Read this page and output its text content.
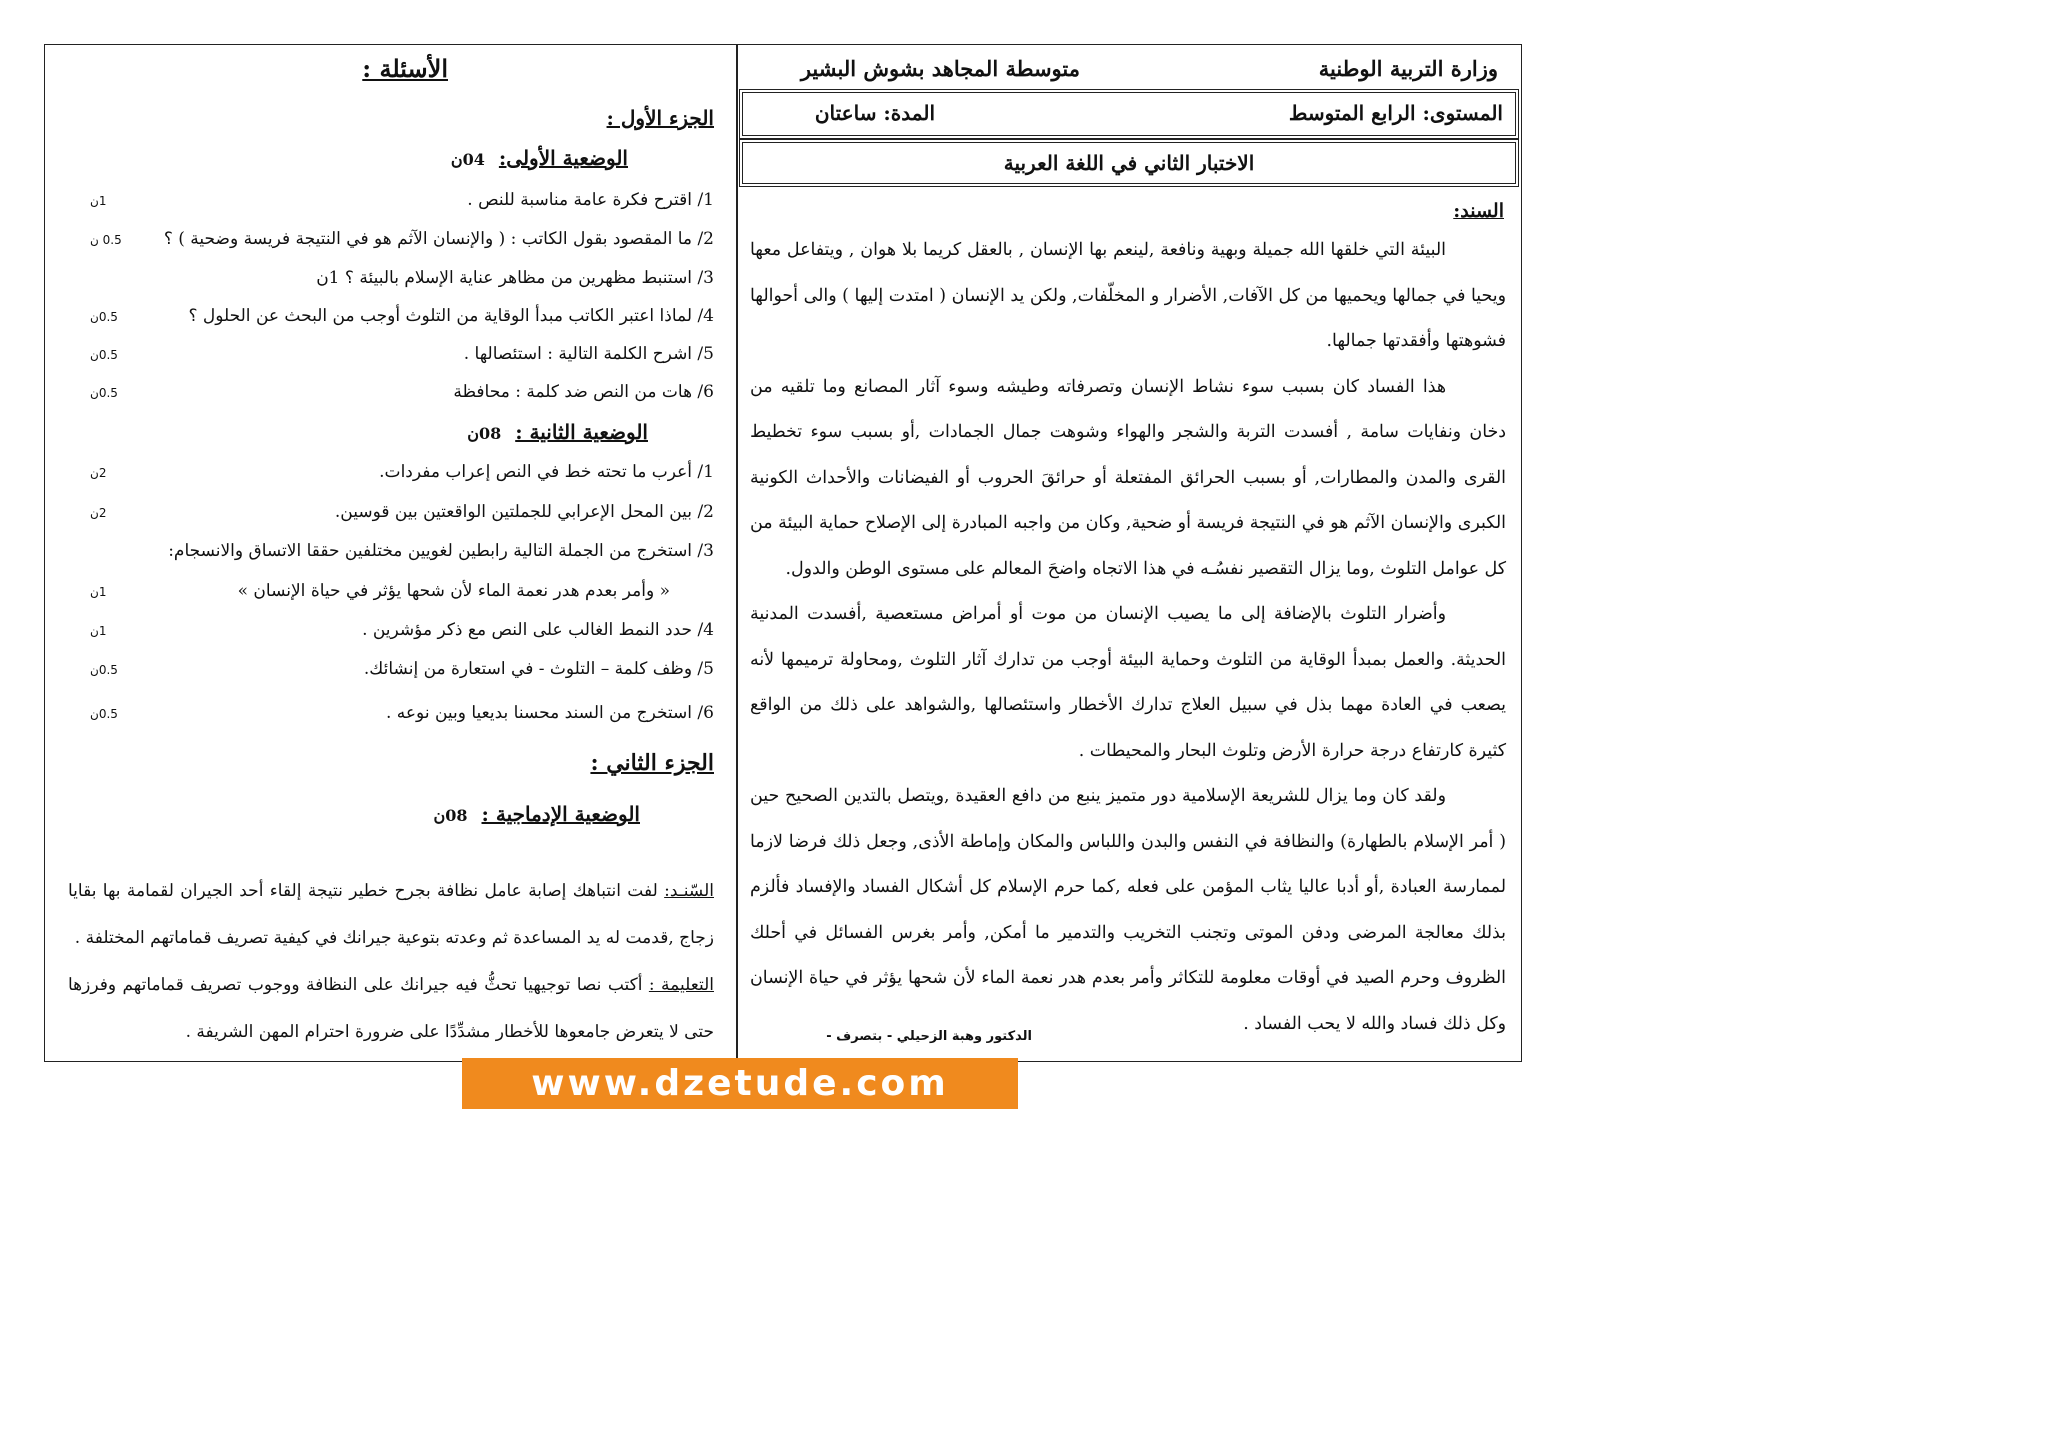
وزارة التربية الوطنية
متوسطة المجاهد بشوش البشير
المستوى: الرابع المتوسط
المدة: ساعتان
الاختبار الثاني في اللغة العربية
السند:

البيئة التي خلقها الله جميلة وبهية ونافعة ,لينعم بها الإنسان , بالعقل كريما بلا هوان , ويتفاعل معها ويحيا في جمالها ويحميها من كل الآفات, الأضرار و المخلّفات, ولكن يد الإنسان ( امتدت إليها ) والى أحوالها فشوهتها وأفقدتها جمالها.

هذا الفساد كان بسبب سوء نشاط الإنسان وتصرفاته وطيشه وسوء آثار المصانع وما تلقيه من دخان ونفايات سامة , أفسدت التربة والشجر والهواء وشوهت جمال الجمادات ,أو بسبب سوء تخطيط القرى والمدن والمطارات, أو بسبب الحرائق المفتعلة أو حرائقَ الحروب أو الفيضانات والأحداث الكونية الكبرى والإنسان الآثم هو في النتيجة فريسة أو ضحية, وكان من واجبه المبادرة إلى الإصلاح حماية البيئة من كل عوامل التلوث ,وما يزال التقصير نفسُـه في هذا الاتجاه واضحَ المعالم على مستوى الوطن والدول.

وأضرار التلوث بالإضافة إلى ما يصيب الإنسان من موت أو أمراض مستعصية ,أفسدت المدنية الحديثة. والعمل بمبدأ الوقاية من التلوث وحماية البيئة أوجب من تدارك آثار التلوث ,ومحاولة ترميمها لأنه يصعب في العادة مهما بذل في سبيل العلاج تدارك الأخطار واستئصالها ,والشواهد على ذلك من الواقع كثيرة كارتفاع درجة حرارة الأرض وتلوث البحار والمحيطات .

ولقد كان وما يزال للشريعة الإسلامية دور متميز ينبع من دافع العقيدة ,ويتصل بالتدين الصحيح حين ( أمر الإسلام بالطهارة) والنظافة في النفس والبدن واللباس والمكان وإماطة الأذى, وجعل ذلك فرضا لازما لممارسة العبادة ,أو أدبا عاليا يثاب المؤمن على فعله ,كما حرم الإسلام كل أشكال الفساد والإفساد فألزم بذلك معالجة المرضى ودفن الموتى وتجنب التخريب والتدمير ما أمكن, وأمر بغرس الفسائل في أحلك الظروف وحرم الصيد في أوقات معلومة للتكاثر وأمر بعدم هدر نعمة الماء لأن شحها يؤثر في حياة الإنسان وكل ذلك فساد والله لا يحب الفساد .

الدكتور وهبة الزحيلي - بتصرف -
الأسئلة :
الجزء الأول :
الوضعية الأولى:04ن
1/ اقترح فكرة عامة مناسبة للنص .
1ن
2/ ما المقصود بقول الكاتب : ( والإنسان الآثم هو في النتيجة فريسة وضحية ) ؟
0.5 ن
3/ استنبط مظهرين من مظاهر عناية الإسلام بالبيئة ؟ 1ن
4/ لماذا اعتبر الكاتب مبدأ الوقاية من التلوث أوجب من البحث عن الحلول ؟
0.5ن
5/ اشرح الكلمة التالية : استئصالها .
0.5ن
6/ هات من النص ضد كلمة : محافظة
0.5ن
الوضعية الثانية :08ن
1/ أعرب ما تحته خط في النص إعراب مفردات.
2ن
2/ بين المحل الإعرابي للجملتين الواقعتين بين قوسين.
2ن
3/ استخرج من الجملة التالية رابطين لغويين مختلفين حققا الاتساق والانسجام:
« وأمر بعدم هدر نعمة الماء لأن شحها يؤثر في حياة الإنسان »
1ن
4/ حدد النمط الغالب على النص مع ذكر مؤشرين .
1ن
5/ وظف كلمة – التلوث - في استعارة من إنشائك.
0.5ن
6/ استخرج من السند محسنا بديعيا وبين نوعه .
0.5ن
الجزء الثاني :
الوضعية الإدماجية :08ن

السّنـد: لفت انتباهك إصابة عامل نظافة بجرح خطير نتيجة إلقاء أحد الجيران لقمامة بها بقايا زجاج ,قدمت له يد المساعدة ثم وعدته بتوعية جيرانك في كيفية تصريف قماماتهم المختلفة .

التعليمة : أكتب نصا توجيهيا تحثُّ فيه جيرانك على النظافة ووجوب تصريف قماماتهم وفرزها حتى لا يتعرض جامعوها للأخطار مشدِّدًا على ضرورة احترام المهن الشريفة .

www.dzetude.com
